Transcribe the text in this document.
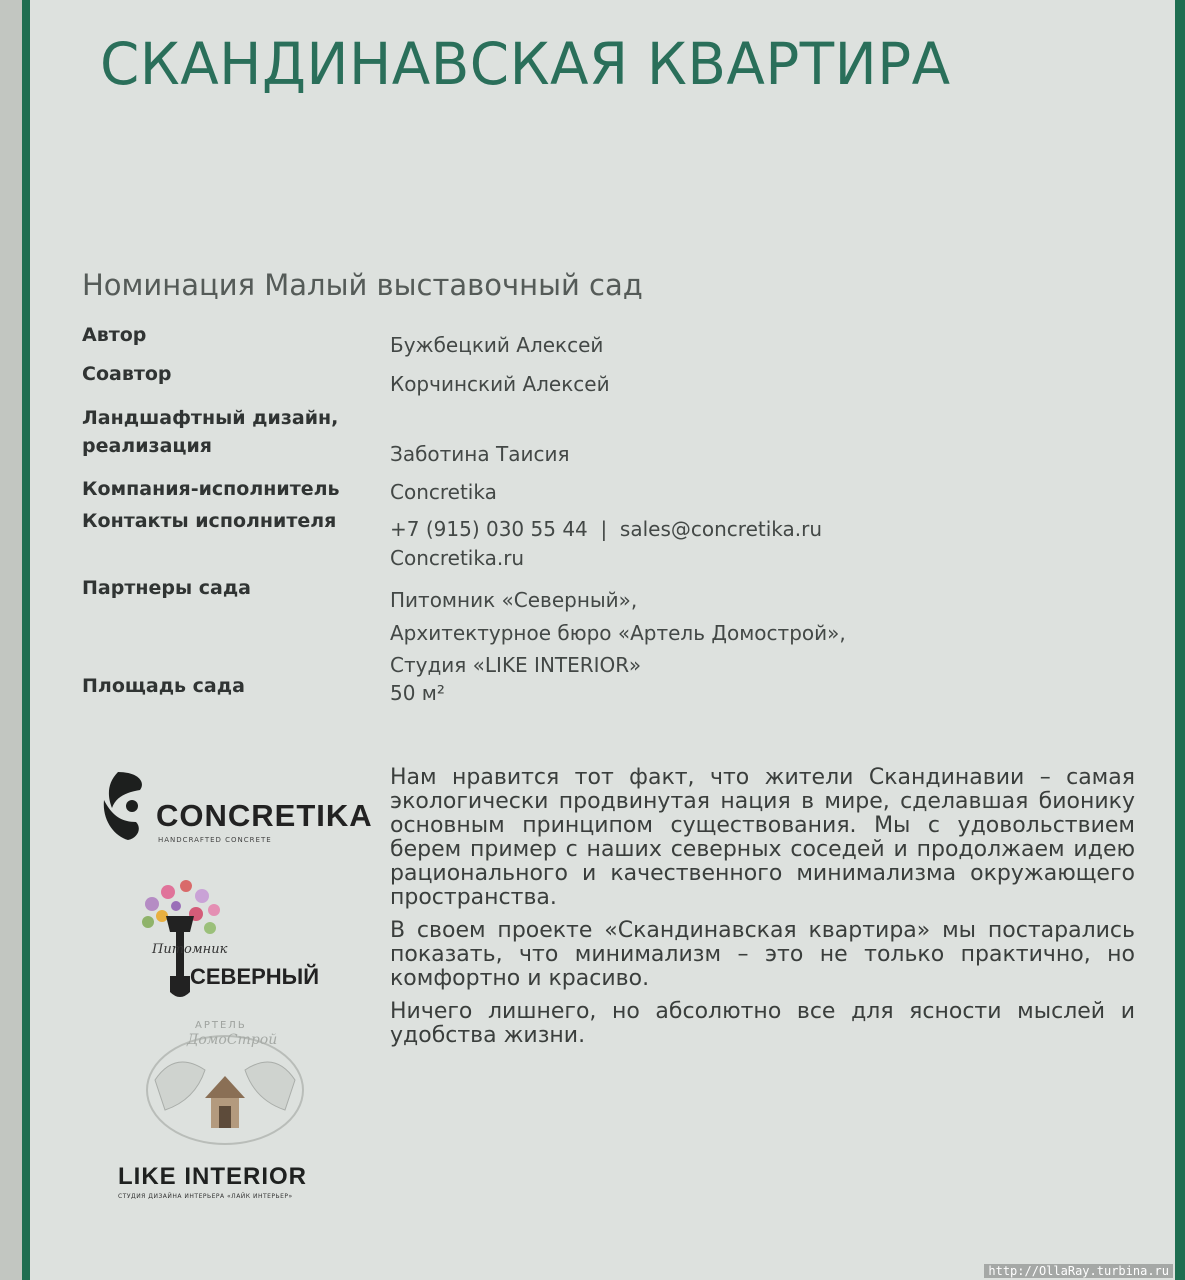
СКАНДИНАВСКАЯ КВАРТИРА
Номинация Малый выставочный сад
Автор	Бужбецкий Алексей
Соавтор	Корчинский Алексей
Ландшафтный дизайн,
реализация	Заботина Таисия
Компания-исполнитель	Concretika
Контакты исполнителя	+7 (915) 030 55 44  |  sales@concretika.ru
Concretika.ru
Партнеры сада	Питомник «Северный»,
Архитектурное бюро «Артель Домострой»,
Студия «LIKE INTERIOR»
Площадь сада	50 м²
CONCRETIKA
HANDCRAFTED CONCRETE
Питомник
СЕВЕРНЫЙ
АРТЕЛЬ
ДомоСтрой
LIKE INTERIOR
СТУДИЯ ДИЗАЙНА ИНТЕРЬЕРА «ЛАЙК ИНТЕРЬЕР»

Нам нравится тот факт, что жители Скандинавии – самая экологически продвинутая нация в мире, сделавшая бионику основным принципом существования. Мы с удовольствием берем пример с наших северных соседей и продолжаем идею рационального и качественного минимализма окружающего пространства.

В своем проекте «Скандинавская квартира» мы постарались показать, что минимализм – это не только практично, но комфортно и красиво.

Ничего лишнего, но абсолютно все для ясности мыслей и удобства жизни.

http://OllaRay.turbina.ru
